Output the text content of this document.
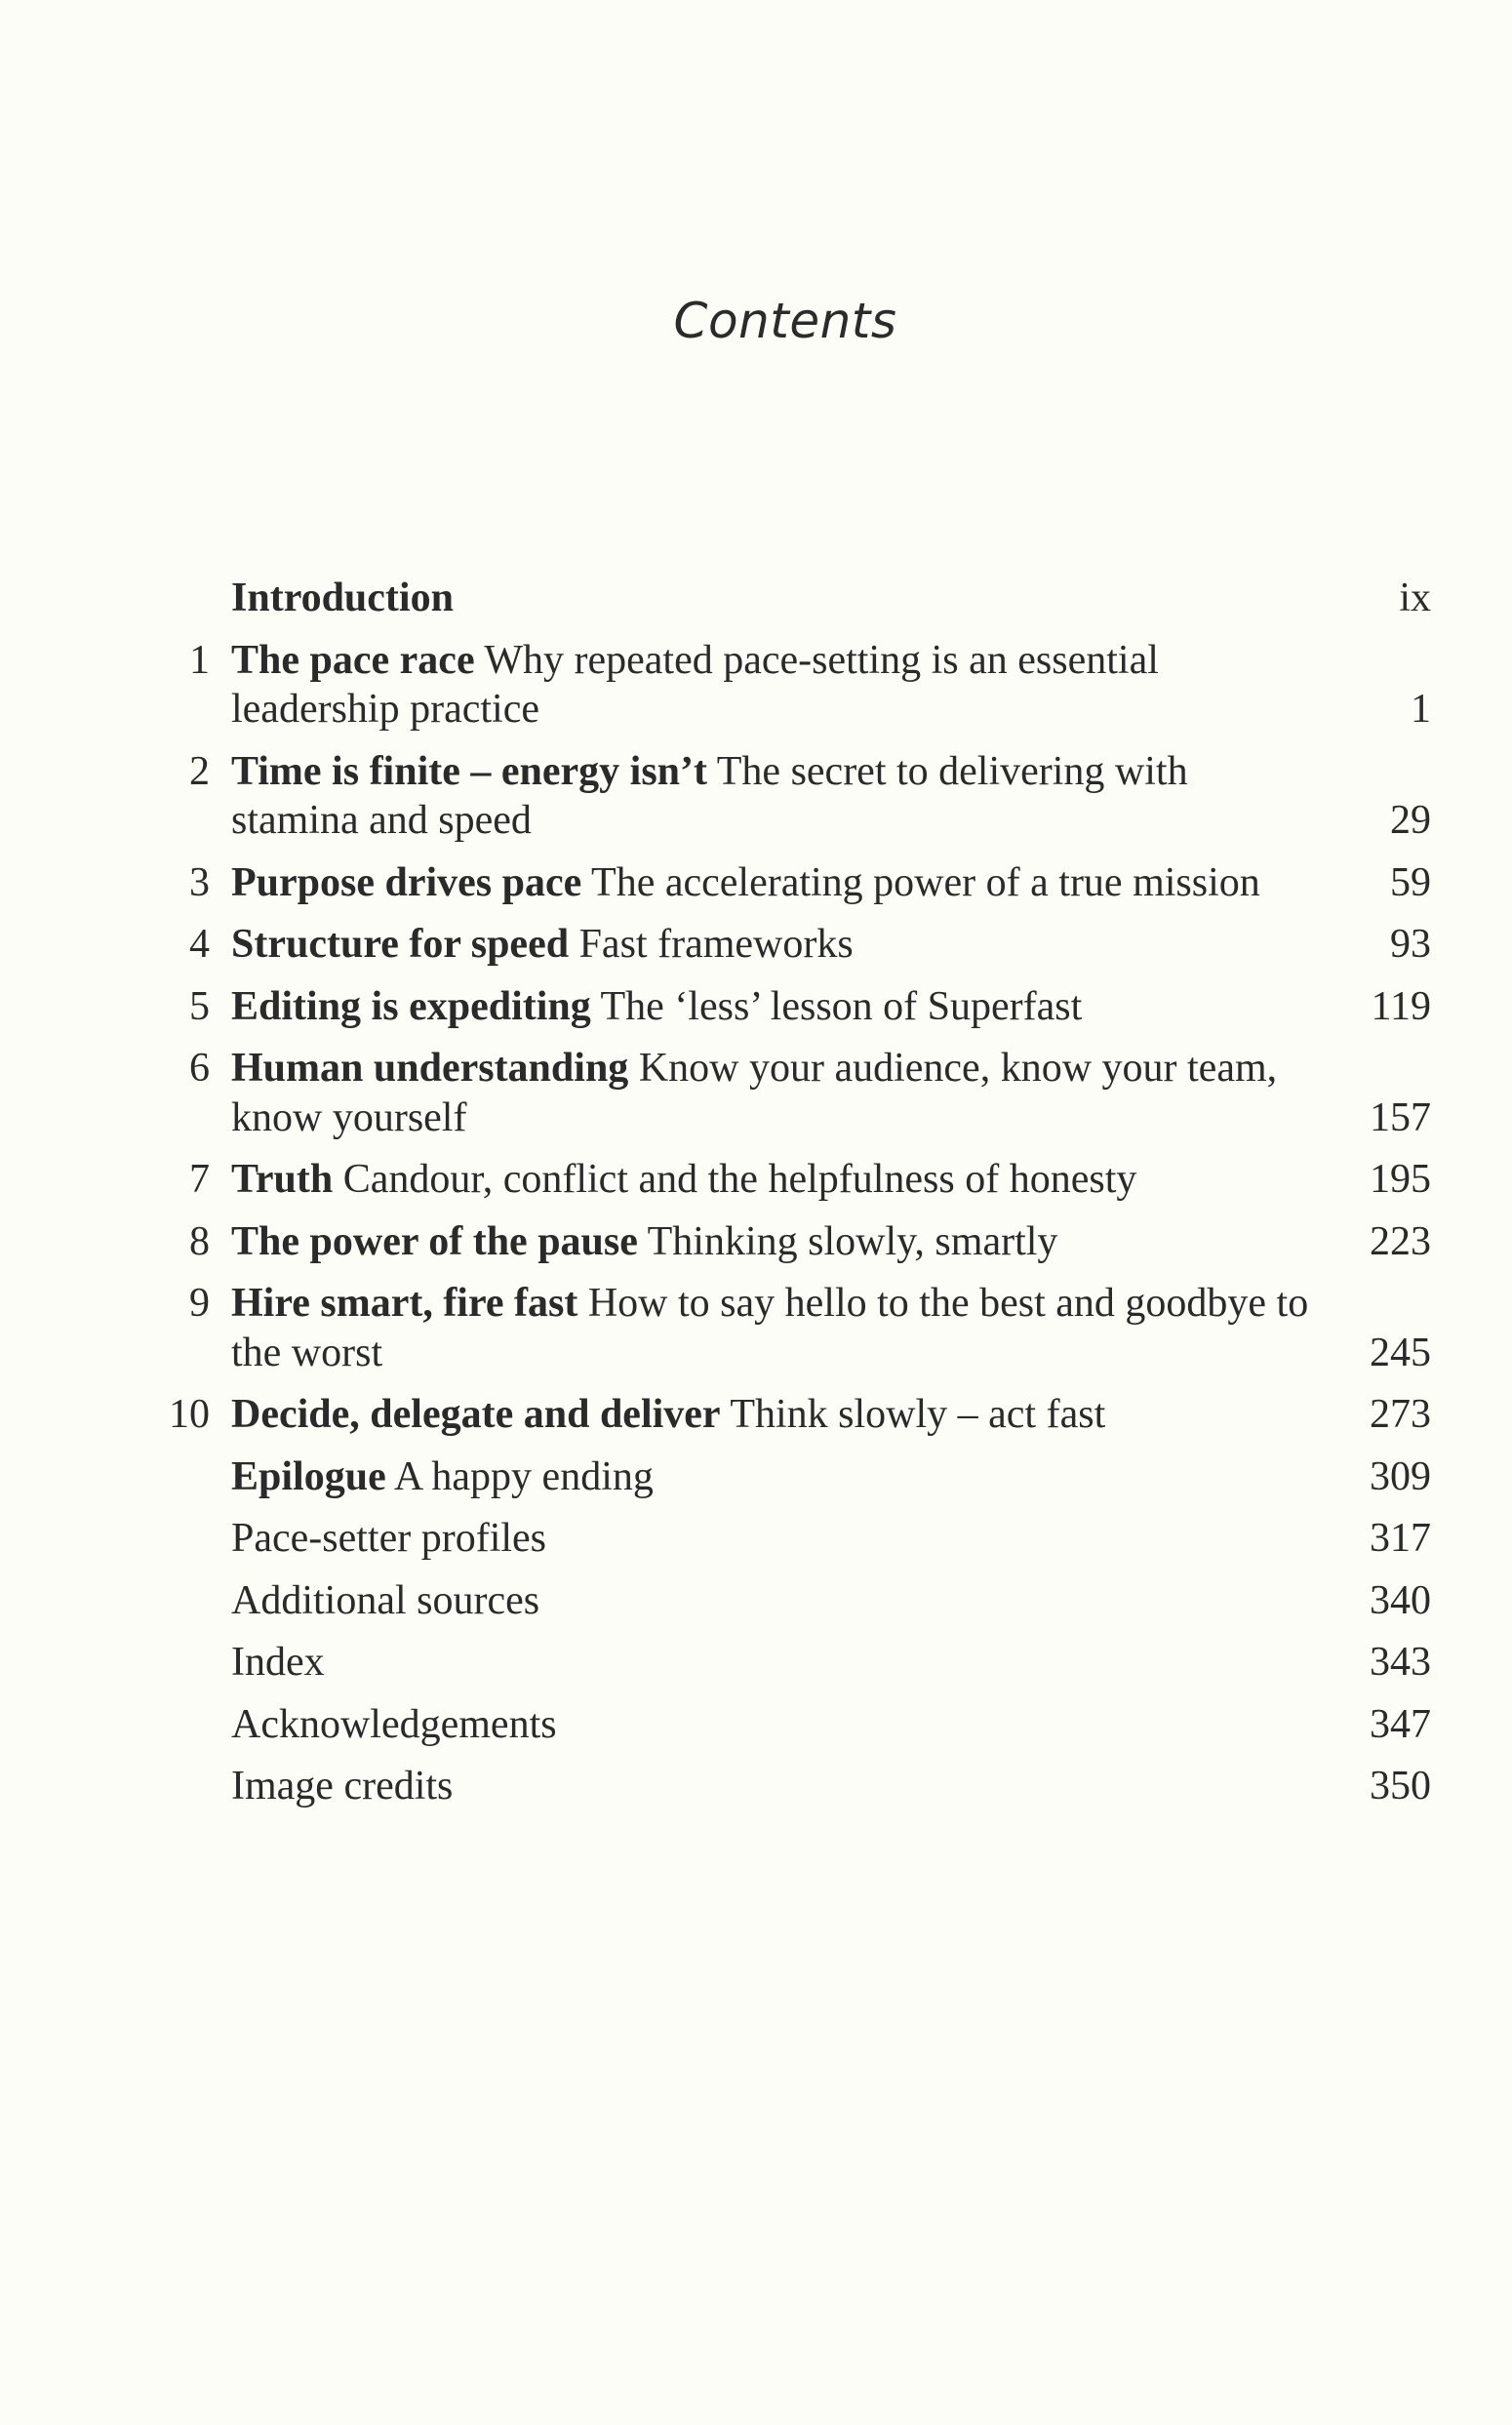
Contents
Introduction	ix
1 The pace race Why repeated pace-setting is an essential leadership practice	1
2 Time is finite – energy isn’t The secret to delivering with stamina and speed	29
3 Purpose drives pace The accelerating power of a true mission	59
4 Structure for speed Fast frameworks	93
5 Editing is expediting The ‘less’ lesson of Superfast	119
6 Human understanding Know your audience, know your team, know yourself	157
7 Truth Candour, conflict and the helpfulness of honesty	195
8 The power of the pause Thinking slowly, smartly	223
9 Hire smart, fire fast How to say hello to the best and goodbye to the worst	245
10 Decide, delegate and deliver Think slowly – act fast	273
Epilogue A happy ending	309
Pace-setter profiles	317
Additional sources	340
Index	343
Acknowledgements	347
Image credits	350
